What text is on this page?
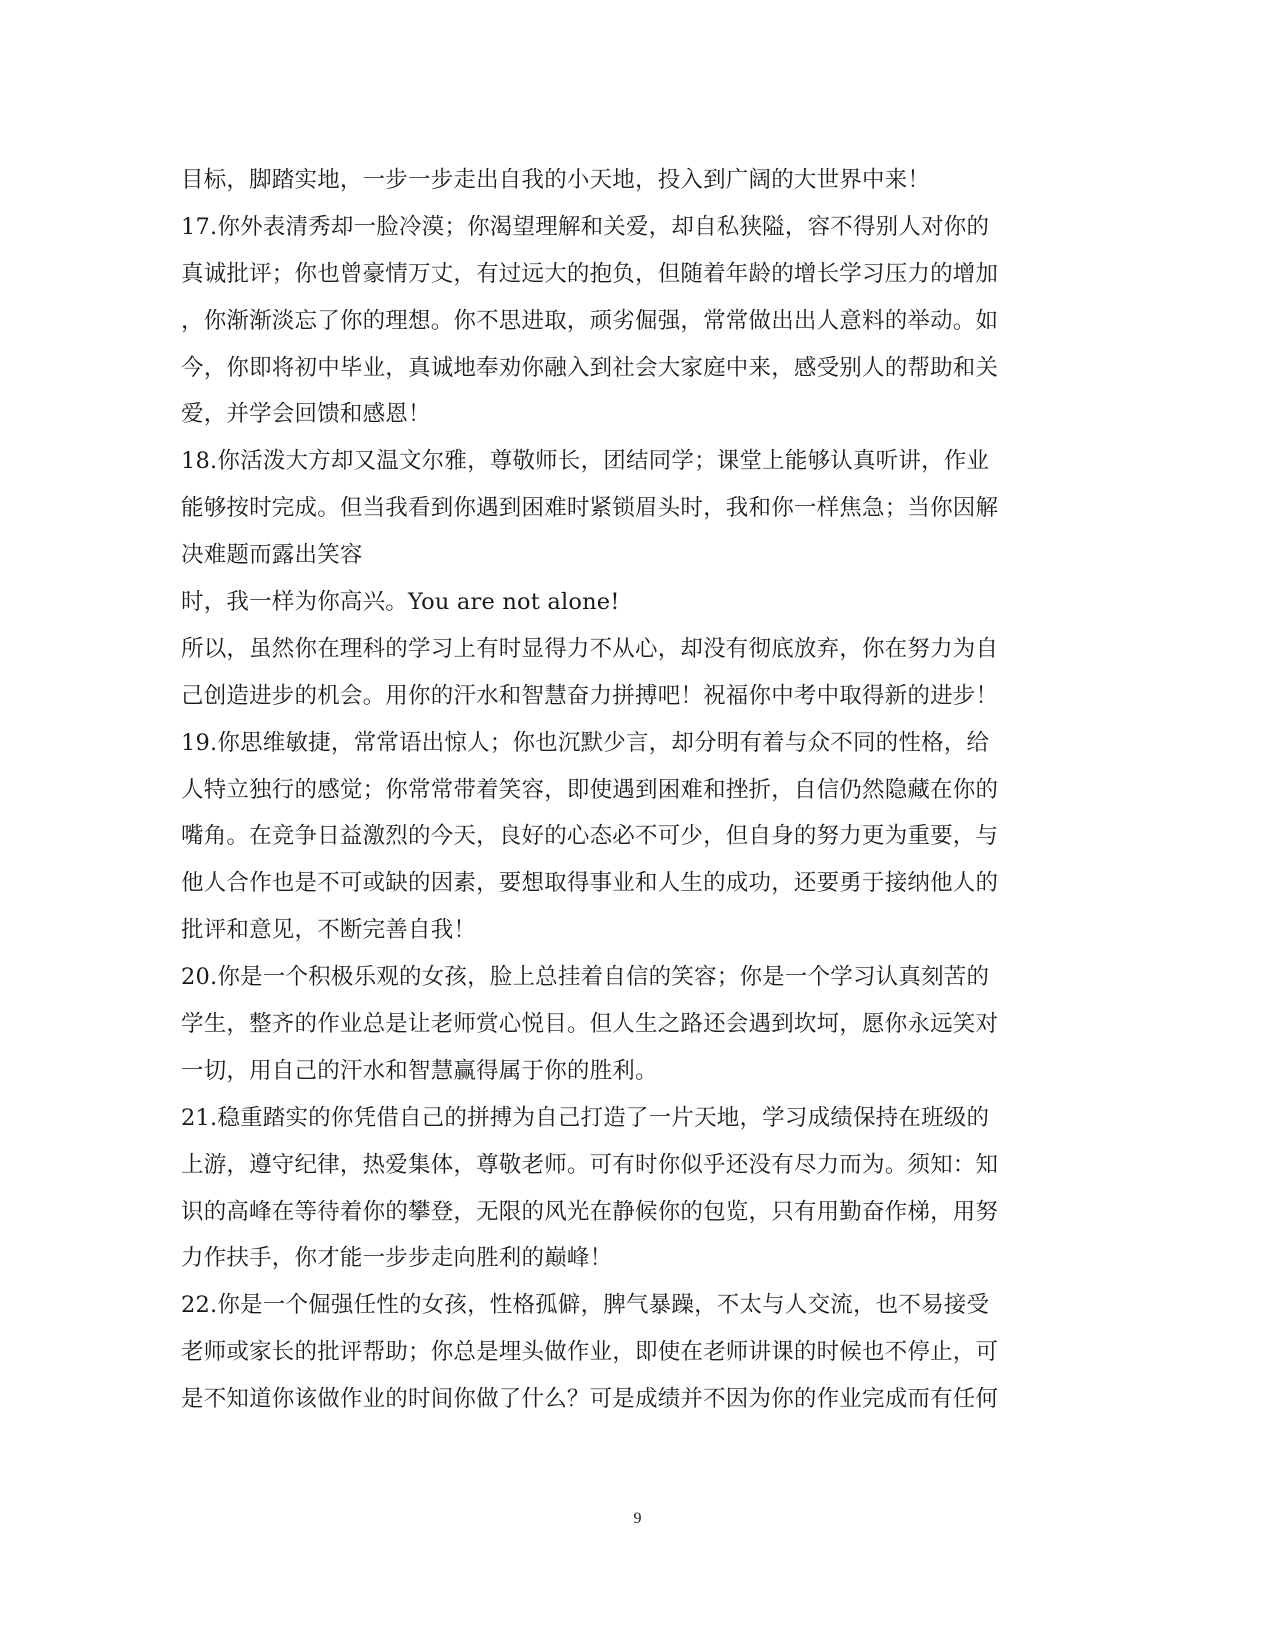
目标，脚踏实地，一步一步走出自我的小天地，投入到广阔的大世界中来！
17.你外表清秀却一脸冷漠；你渴望理解和关爱，却自私狭隘，容不得别人对你的
真诚批评；你也曾豪情万丈，有过远大的抱负，但随着年龄的增长学习压力的增加
，你渐渐淡忘了你的理想。你不思进取，顽劣倔强，常常做出出人意料的举动。如
今，你即将初中毕业，真诚地奉劝你融入到社会大家庭中来，感受别人的帮助和关
爱，并学会回馈和感恩！
18.你活泼大方却又温文尔雅，尊敬师长，团结同学；课堂上能够认真听讲，作业
能够按时完成。但当我看到你遇到困难时紧锁眉头时，我和你一样焦急；当你因解
决难题而露出笑容
时，我一样为你高兴。You are not alone!
所以，虽然你在理科的学习上有时显得力不从心，却没有彻底放弃，你在努力为自
己创造进步的机会。用你的汗水和智慧奋力拼搏吧！祝福你中考中取得新的进步！
19.你思维敏捷，常常语出惊人；你也沉默少言，却分明有着与众不同的性格，给
人特立独行的感觉；你常常带着笑容，即使遇到困难和挫折，自信仍然隐藏在你的
嘴角。在竞争日益激烈的今天，良好的心态必不可少，但自身的努力更为重要，与
他人合作也是不可或缺的因素，要想取得事业和人生的成功，还要勇于接纳他人的
批评和意见，不断完善自我！
20.你是一个积极乐观的女孩，脸上总挂着自信的笑容；你是一个学习认真刻苦的
学生，整齐的作业总是让老师赏心悦目。但人生之路还会遇到坎坷，愿你永远笑对
一切，用自己的汗水和智慧赢得属于你的胜利。
21.稳重踏实的你凭借自己的拼搏为自己打造了一片天地，学习成绩保持在班级的
上游，遵守纪律，热爱集体，尊敬老师。可有时你似乎还没有尽力而为。须知：知
识的高峰在等待着你的攀登，无限的风光在静候你的包览，只有用勤奋作梯，用努
力作扶手，你才能一步步走向胜利的巅峰！
22.你是一个倔强任性的女孩，性格孤僻，脾气暴躁，不太与人交流，也不易接受
老师或家长的批评帮助；你总是埋头做作业，即使在老师讲课的时候也不停止，可
是不知道你该做作业的时间你做了什么？可是成绩并不因为你的作业完成而有任何
9
